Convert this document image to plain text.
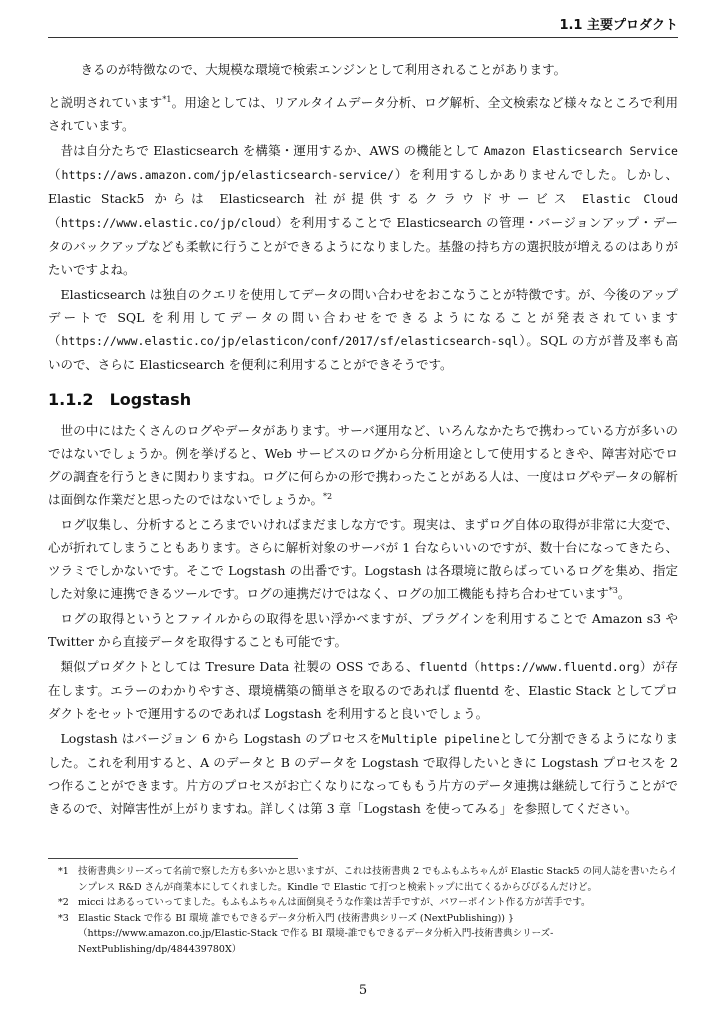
1.1 主要プロダクト

きるのが特徴なので、大規模な環境で検索エンジンとして利用されることがあります。

と説明されています$^{*1}$。用途としては、リアルタイムデータ分析、ログ解析、全文検索など様々なところで利用されています。

昔は自分たちで Elasticsearch を構築・運用するか、AWS の機能として Amazon Elasticsearch Service（https://aws.amazon.com/jp/elasticsearch-service/）を利用するしかありませんでした。しかし、Elastic Stack5 からは Elasticsearch 社が提供するクラウドサービス Elastic Cloud（https://www.elastic.co/jp/cloud）を利用することで Elasticsearch の管理・バージョンアップ・データのバックアップなども柔軟に行うことができるようになりました。基盤の持ち方の選択肢が増えるのはありがたいですよね。

Elasticsearch は独自のクエリを使用してデータの問い合わせをおこなうことが特徴です。が、今後のアップデートで SQL を利用してデータの問い合わせをできるようになることが発表されています（https://www.elastic.co/jp/elasticon/conf/2017/sf/elasticsearch-sql）。SQL の方が普及率も高いので、さらに Elasticsearch を便利に利用することができそうです。

1.1.2 Logstash

世の中にはたくさんのログやデータがあります。サーバ運用など、いろんなかたちで携わっている方が多いのではないでしょうか。例を挙げると、Web サービスのログから分析用途として使用するときや、障害対応でログの調査を行うときに関わりますね。ログに何らかの形で携わったことがある人は、一度はログやデータの解析は面倒な作業だと思ったのではないでしょうか。$^{*2}$

ログ収集し、分析するところまでいければまだましな方です。現実は、まずログ自体の取得が非常に大変で、心が折れてしまうこともあります。さらに解析対象のサーバが 1 台ならいいのですが、数十台になってきたら、ツラミでしかないです。そこで Logstash の出番です。Logstash は各環境に散らばっているログを集め、指定した対象に連携できるツールです。ログの連携だけではなく、ログの加工機能も持ち合わせています$^{*3}$。

ログの取得というとファイルからの取得を思い浮かべますが、プラグインを利用することで Amazon s3 や Twitter から直接データを取得することも可能です。

類似プロダクトとしては Tresure Data 社製の OSS である、fluentd（https://www.fluentd.org）が存在します。エラーのわかりやすさ、環境構築の簡単さを取るのであれば fluentd を、Elastic Stack としてプロダクトをセットで運用するのであれば Logstash を利用すると良いでしょう。

Logstash はバージョン 6 から Logstash のプロセスをMultiple pipelineとして分割できるようになりました。これを利用すると、A のデータと B のデータを Logstash で取得したいときに Logstash プロセスを 2 つ作ることができます。片方のプロセスがお亡くなりになってももう片方のデータ連携は継続して行うことができるので、対障害性が上がりますね。詳しくは第 3 章「Logstash を使ってみる」を参照してください。

*1 技術書典シリーズって名前で察した方も多いかと思いますが、これは技術書典 2 でもふもふちゃんが Elastic Stack5 の同人誌を書いたらインプレス R&D さんが商業本にしてくれました。Kindle で Elastic て打つと検索トップに出てくるからびびるんだけど。

*2 micci はあるっていってました。もふもふちゃんは面倒臭そうな作業は苦手ですが、パワーポイント作る方が苦手です。

*3 Elastic Stack で作る BI 環境 誰でもできるデータ分析入門 (技術書典シリーズ (NextPublishing)) }（https://www.amazon.co.jp/Elastic-Stack で作る BI 環境-誰でもできるデータ分析入門-技術書典シリーズ-NextPublishing/dp/484439780X）

5
